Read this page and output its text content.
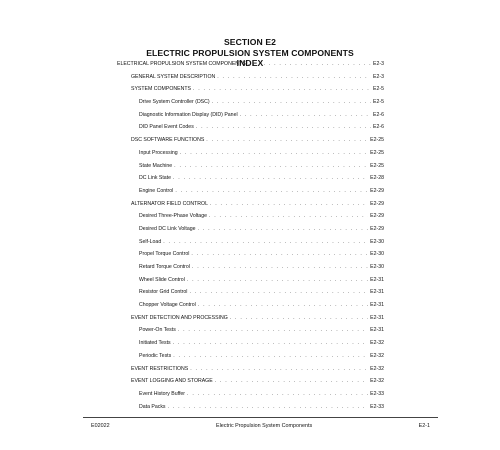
SECTION E2
ELECTRIC PROPULSION SYSTEM COMPONENTS
INDEX
ELECTRICAL PROPULSION SYSTEM COMPONENTS . . .	E2-3
GENERAL SYSTEM DESCRIPTION . . .	E2-3
SYSTEM COMPONENTS . . .	E2-5
Drive System Controller (DSC) . . .	E2-5
Diagnostic Information Display (DID) Panel . . .	E2-6
DID Panel Event Codes . . .	E2-6
DSC SOFTWARE FUNCTIONS . . .	E2-25
Input Processing . . .	E2-25
State Machine . . .	E2-25
DC Link State . . .	E2-28
Engine Control . . .	E2-29
ALTERNATOR FIELD CONTROL . . .	E2-29
Desired Three-Phase Voltage . . .	E2-29
Desired DC Link Voltage . . .	E2-29
Self-Load . . .	E2-30
Propel Torque Control . . .	E2-30
Retard Torque Control . . .	E2-30
Wheel Slide Control . . .	E2-31
Resistor Grid Control . . .	E2-31
Chopper Voltage Control . . .	E2-31
EVENT DETECTION AND PROCESSING . . .	E2-31
Power-On Tests . . .	E2-31
Initiated Tests . . .	E2-32
Periodic Tests . . .	E2-32
EVENT RESTRICTIONS . . .	E2-32
EVENT LOGGING AND STORAGE . . .	E2-32
Event History Buffer . . .	E2-33
Data Packs . . .	E2-33
E02022	Electric Propulsion System Components	E2-1
